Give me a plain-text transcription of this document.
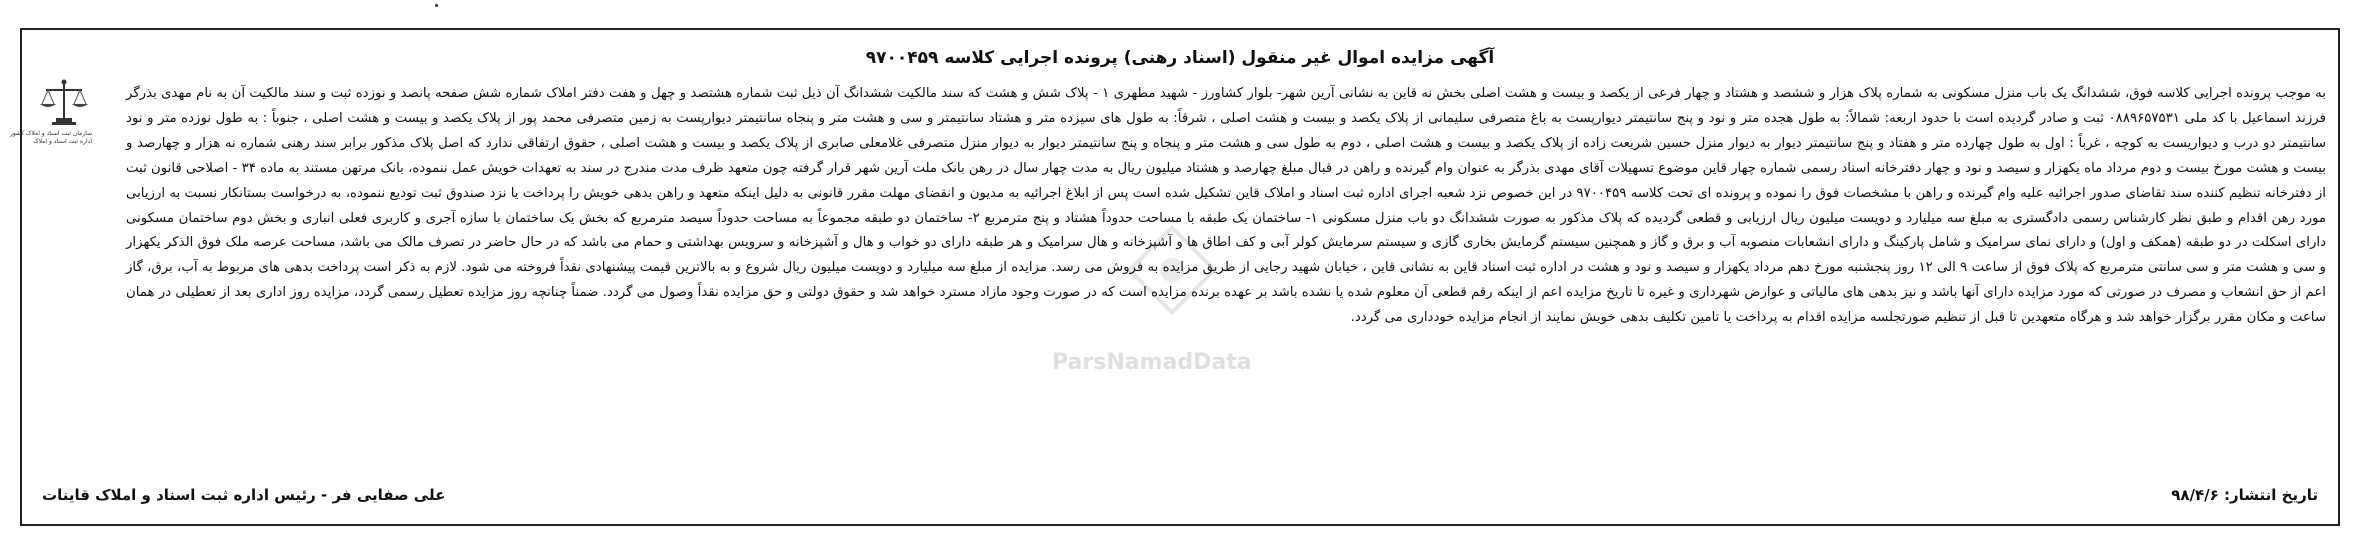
آگهی مزایده اموال غیر منقول (اسناد رهنی) پرونده اجرایی کلاسه ۹۷۰۰۴۵۹
سازمان ثبت اسناد و املاک کشور
اداره ثبت اسناد و املاک
ParsNamadData
به موجب پرونده اجرایی کلاسه فوق، ششدانگ یک باب منزل مسکونی به شماره پلاک هزار و ششصد و هشتاد و چهار فرعی از یکصد و بیست و هشت اصلی بخش نه قاین به نشانی آرین شهر- بلوار کشاورز - شهید مطهری ۱ - پلاک شش و هشت که سند مالکیت ششدانگ آن ذیل ثبت شماره هشتصد و چهل و هفت دفتر املاک شماره شش صفحه پانصد و نوزده ثبت و سند مالکیت آن به نام مهدی بذرگر فرزند اسماعیل با کد ملی ۰۸۸۹۶۵۷۵۳۱ ثبت و صادر گردیده است با حدود اربعه: شمالاً: به طول هجده متر و نود و پنج سانتیمتر دیوارپست به باغ متصرفی سلیمانی از پلاک یکصد و بیست و هشت اصلی ، شرقاً: به طول های سیزده متر و هشتاد سانتیمتر و سی و هشت متر و پنجاه سانتیمتر دیوارپست به زمین متصرفی محمد پور از پلاک یکصد و بیست و هشت اصلی ، جنوباً : به طول نوزده متر و نود سانتیمتر دو درب و دیواریست به کوچه ، غرباً : اول به طول چهارده متر و هفتاد و پنج سانتیمتر دیوار به دیوار منزل حسین شریعت زاده از پلاک یکصد و بیست و هشت اصلی ، دوم به طول سی و هشت متر و پنجاه و پنج سانتیمتر دیوار به دیوار منزل متصرفی غلامعلی صابری از پلاک یکصد و بیست و هشت اصلی ، حقوق ارتفاقی ندارد که اصل پلاک مذکور برابر سند رهنی شماره نه هزار و چهارصد و بیست و هشت مورخ بیست و دوم مرداد ماه یکهزار و سیصد و نود و چهار دفترخانه اسناد رسمی شماره چهار قاین موضوع تسهیلات آقای مهدی بذرگر به عنوان وام گیرنده و راهن در قبال مبلغ چهارصد و هشتاد میلیون ریال به مدت چهار سال در رهن بانک ملت آرین شهر قرار گرفته چون متعهد ظرف مدت مندرج در سند به تعهدات خویش عمل ننموده، بانک مرتهن مستند به ماده ۳۴ - اصلاحی قانون ثبت از دفترخانه تنظیم کننده سند تقاضای صدور اجرائیه علیه وام گیرنده و راهن با مشخصات فوق را نموده و پرونده ای تحت کلاسه ۹۷۰۰۴۵۹ در این خصوص نزد شعبه اجرای اداره ثبت اسناد و املاک قاین تشکیل شده است پس از ابلاغ اجرائیه به مدیون و انقضای مهلت مقرر قانونی به دلیل اینکه متعهد و راهن بدهی خویش را پرداخت یا نزد صندوق ثبت تودیع ننموده، به درخواست بستانکار نسبت به ارزیابی مورد رهن اقدام و طبق نظر کارشناس رسمی دادگستری به مبلغ سه میلیارد و دویست میلیون ریال ارزیابی و قطعی گردیده که پلاک مذکور به صورت ششدانگ دو باب منزل مسکونی ۱- ساختمان یک طبقه با مساحت حدوداً هشتاد و پنج مترمربع ۲- ساختمان دو طبقه مجموعاً به مساحت حدوداً سیصد مترمربع که بخش یک ساختمان با سازه آجری و کاربری فعلی انباری و بخش دوم ساختمان مسکونی دارای اسکلت در دو طبقه (همکف و اول) و دارای نمای سرامیک و شامل پارکینگ و دارای انشعابات منصوبه آب و برق و گاز و همچنین سیستم گرمایش بخاری گازی و سیستم سرمایش کولر آبی و کف اطاق ها و آشپزخانه و هال سرامیک و هر طبقه دارای دو خواب و هال و آشپزخانه و سرویس بهداشتی و حمام می باشد که در حال حاضر در تصرف مالک می باشد، مساحت عرصه ملک فوق الذکر یکهزار و سی و هشت متر و سی سانتی مترمربع که پلاک فوق از ساعت ۹ الی ۱۲ روز پنجشنبه مورخ دهم مرداد یکهزار و سیصد و نود و هشت در اداره ثبت اسناد قاین به نشانی قاین ، خیابان شهید رجایی از طریق مزایده به فروش می رسد. مزایده از مبلغ سه میلیارد و دویست میلیون ریال شروع و به بالاترین قیمت پیشنهادی نقداً فروخته می شود. لازم به ذکر است پرداخت بدهی های مربوط به آب، برق، گاز اعم از حق انشعاب و مصرف در صورتی که مورد مزایده دارای آنها باشد و نیز بدهی های مالیاتی و عوارض شهرداری و غیره تا تاریخ مزایده اعم از اینکه رقم قطعی آن معلوم شده یا نشده باشد بر عهده برنده مزایده است که در صورت وجود مازاد مسترد خواهد شد و حقوق دولتی و حق مزایده نقداً وصول می گردد. ضمناً چنانچه روز مزایده تعطیل رسمی گردد، مزایده روز اداری بعد از تعطیلی در همان ساعت و مکان مقرر برگزار خواهد شد و هرگاه متعهدین تا قبل از تنظیم صورتجلسه مزایده اقدام به پرداخت یا تامین تکلیف بدهی خویش نمایند از انجام مزایده خودداری می گردد.
تاریخ انتشار:

۹۸/۴/۶
علی صفایی فر - رئیس اداره ثبت اسناد و املاک قاینات
